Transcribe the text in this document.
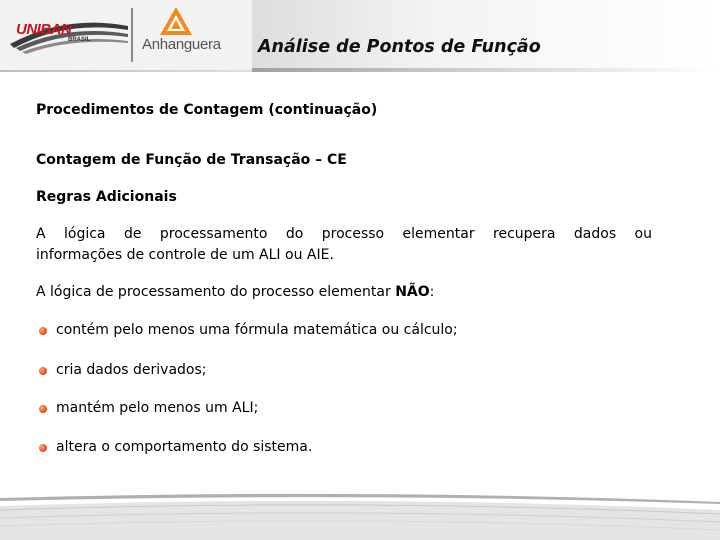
UNIBAN
BRASIL	Anhanguera Análise de Pontos de Função
Procedimentos de Contagem (continuação)
Contagem de Função de Transação – CE
Regras Adicionais
A lógica de processamento do processo elementar recupera dados ou
informações de controle de um ALI ou AIE.
A lógica de processamento do processo elementar NÃO:
contém pelo menos uma fórmula matemática ou cálculo;
cria dados derivados;
mantém pelo menos um ALI;
altera o comportamento do sistema.
